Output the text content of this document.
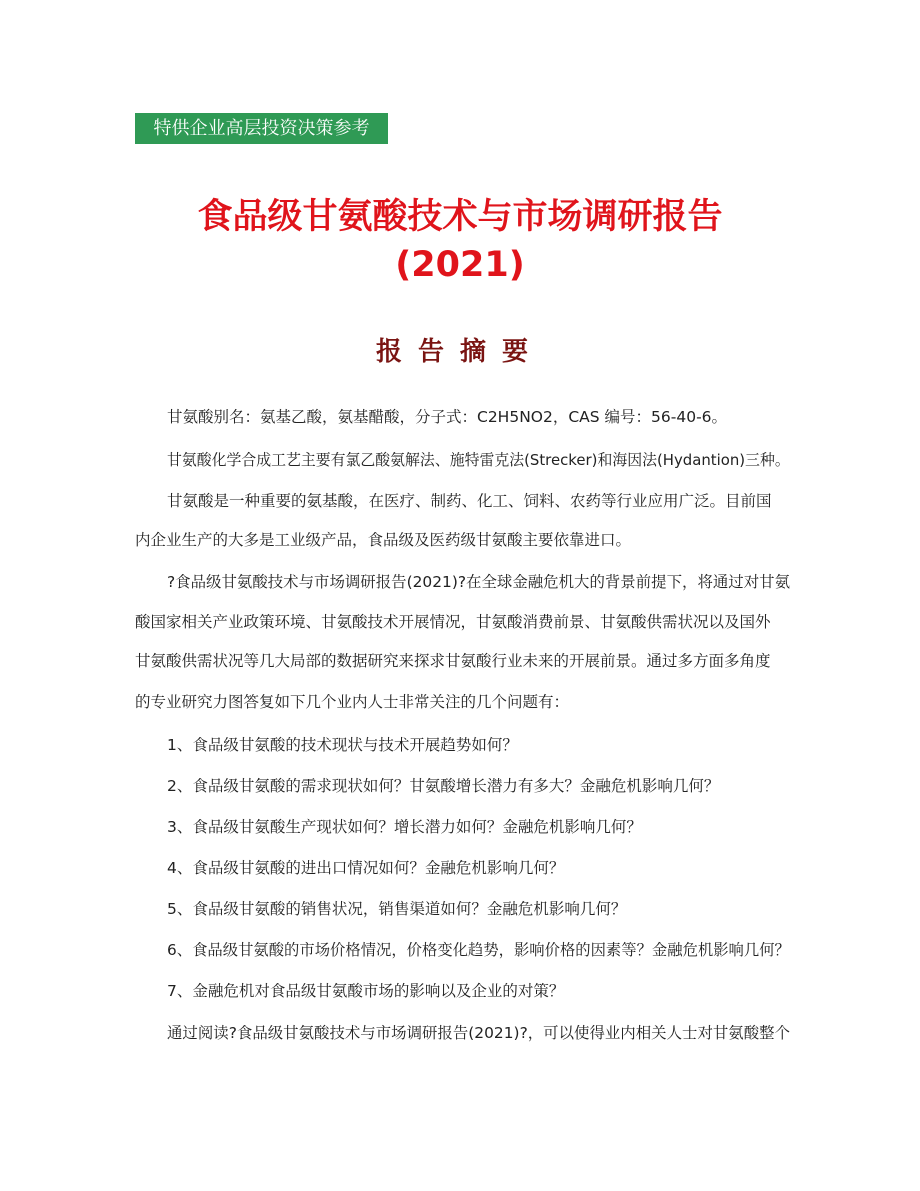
特供企业高层投资决策参考
食品级甘氨酸技术与市场调研报告
(2021)
报告摘要
甘氨酸别名：氨基乙酸，氨基醋酸，分子式：C2H5NO2，CAS 编号：56-40-6。
甘氨酸化学合成工艺主要有氯乙酸氨解法、施特雷克法(Strecker)和海因法(Hydantion)三种。
甘氨酸是一种重要的氨基酸，在医疗、制药、化工、饲料、农药等行业应用广泛。目前国
内企业生产的大多是工业级产品，食品级及医药级甘氨酸主要依靠进口。
?食品级甘氨酸技术与市场调研报告(2021)?在全球金融危机大的背景前提下，将通过对甘氨
酸国家相关产业政策环境、甘氨酸技术开展情况，甘氨酸消费前景、甘氨酸供需状况以及国外
甘氨酸供需状况等几大局部的数据研究来探求甘氨酸行业未来的开展前景。通过多方面多角度
的专业研究力图答复如下几个业内人士非常关注的几个问题有：
1、食品级甘氨酸的技术现状与技术开展趋势如何？
2、食品级甘氨酸的需求现状如何？甘氨酸增长潜力有多大？金融危机影响几何？
3、食品级甘氨酸生产现状如何？增长潜力如何？金融危机影响几何？
4、食品级甘氨酸的进出口情况如何？金融危机影响几何？
5、食品级甘氨酸的销售状况，销售渠道如何？金融危机影响几何？
6、食品级甘氨酸的市场价格情况，价格变化趋势，影响价格的因素等？金融危机影响几何？
7、金融危机对食品级甘氨酸市场的影响以及企业的对策？
通过阅读?食品级甘氨酸技术与市场调研报告(2021)?，可以使得业内相关人士对甘氨酸整个
